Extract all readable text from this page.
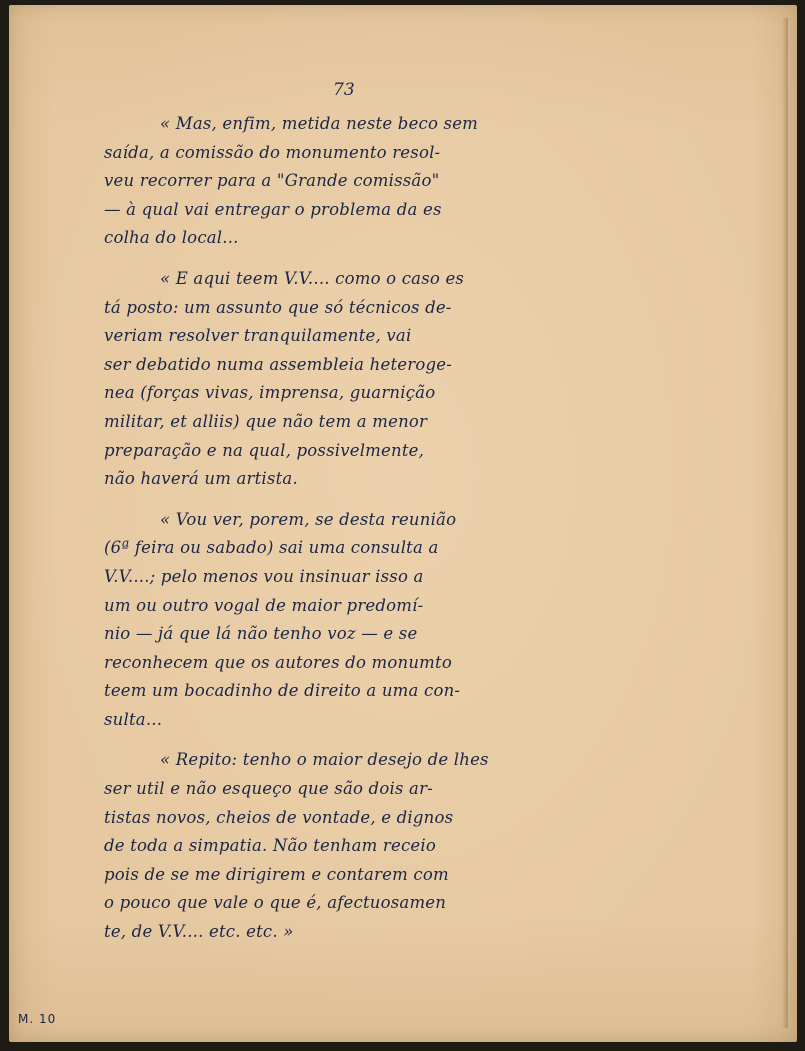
73

« Mas, enfim, metida neste beco sem
saída, a comissão do monumento resol-
veu recorrer para a "Grande comissão"
— à qual vai entregar o problema da es
colha do local...
« E aqui teem V.V.... como o caso es
tá posto: um assunto que só técnicos de-
veriam resolver tranquilamente, vai
ser debatido numa assembleia heteroge-
nea (forças vivas, imprensa, guarnição
militar, et alliis) que não tem a menor
preparação e na qual, possivelmente,
não haverá um artista.
« Vou ver, porem, se desta reunião
(6ª feira ou sabado) sai uma consulta a
V.V....; pelo menos vou insinuar isso a
um ou outro vogal de maior predomí-
nio — já que lá não tenho voz — e se
reconhecem que os autores do monumto
teem um bocadinho de direito a uma con-
sulta...
« Repito: tenho o maior desejo de lhes
ser util e não esqueço que são dois ar-
tistas novos, cheios de vontade, e dignos
de toda a simpatia. Não tenham receio
pois de se me dirigirem e contarem com
o pouco que vale o que é, afectuosamen
te, de V.V.... etc. etc. »

M. 10
